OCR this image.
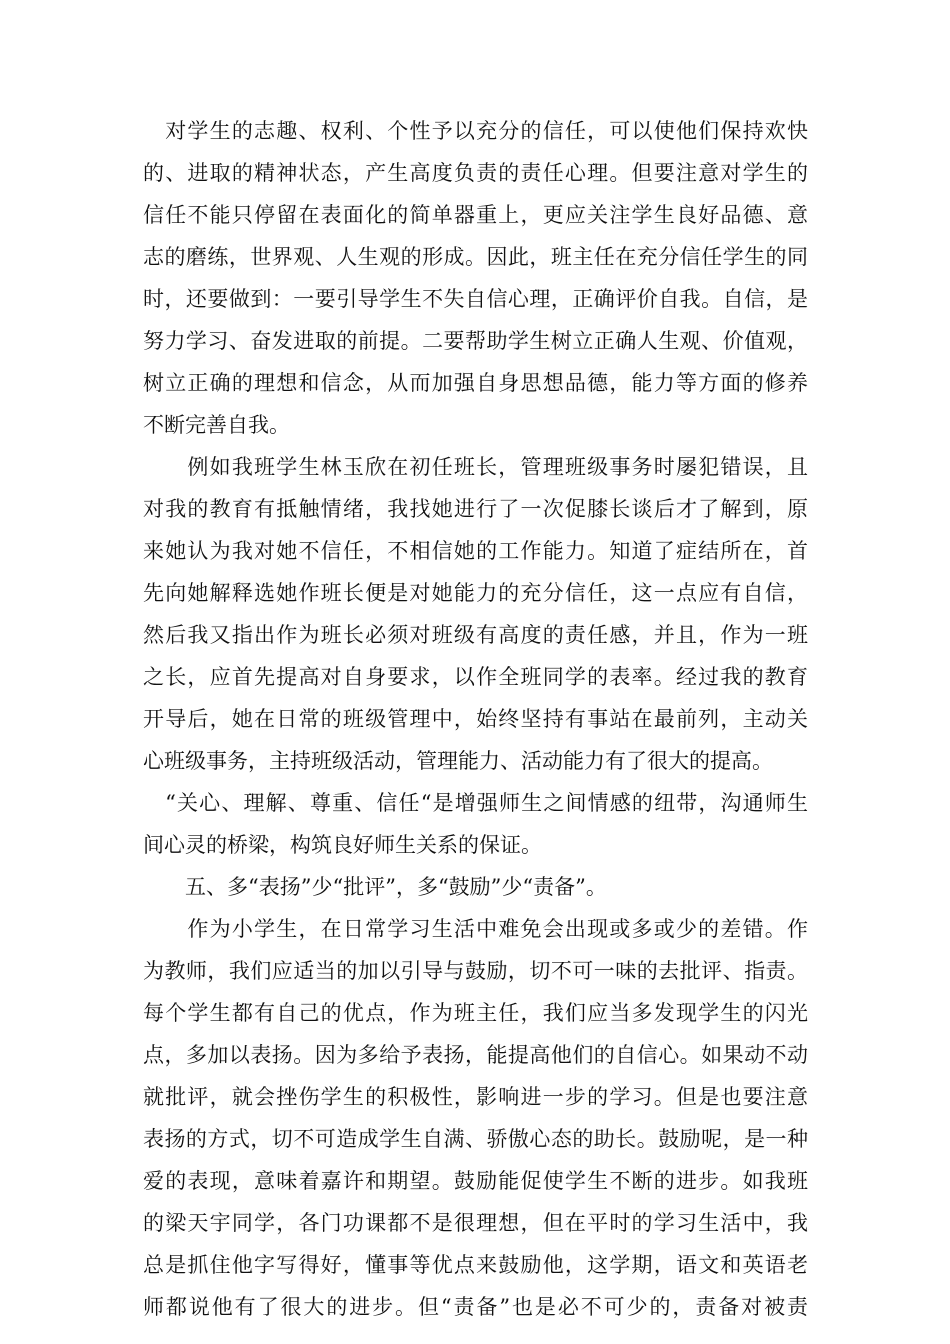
　对学生的志趣、权利、个性予以充分的信任，可以使他们保持欢快
的、进取的精神状态，产生高度负责的责任心理。但要注意对学生的
信任不能只停留在表面化的简单器重上，更应关注学生良好品德、意
志的磨练，世界观、人生观的形成。因此，班主任在充分信任学生的同
时，还要做到：一要引导学生不失自信心理，正确评价自我。自信，是
努力学习、奋发进取的前提。二要帮助学生树立正确人生观、价值观，
树立正确的理想和信念，从而加强自身思想品德，能力等方面的修养
不断完善自我。
　　例如我班学生林玉欣在初任班长，管理班级事务时屡犯错误，且
对我的教育有抵触情绪，我找她进行了一次促膝长谈后才了解到，原
来她认为我对她不信任，不相信她的工作能力。知道了症结所在，首
先向她解释选她作班长便是对她能力的充分信任，这一点应有自信，
然后我又指出作为班长必须对班级有高度的责任感，并且，作为一班
之长，应首先提高对自身要求，以作全班同学的表率。经过我的教育
开导后，她在日常的班级管理中，始终坚持有事站在最前列，主动关
心班级事务，主持班级活动，管理能力、活动能力有了很大的提高。
　“关心、理解、尊重、信任“是增强师生之间情感的纽带，沟通师生
间心灵的桥梁，构筑良好师生关系的保证。
　　五、多“表扬”少“批评”，多“鼓励”少“责备”。
　　作为小学生，在日常学习生活中难免会出现或多或少的差错。作
为教师，我们应适当的加以引导与鼓励，切不可一味的去批评、指责。
每个学生都有自己的优点，作为班主任，我们应当多发现学生的闪光
点，多加以表扬。因为多给予表扬，能提高他们的自信心。如果动不动
就批评，就会挫伤学生的积极性，影响进一步的学习。但是也要注意
表扬的方式，切不可造成学生自满、骄傲心态的助长。鼓励呢，是一种
爱的表现，意味着嘉许和期望。鼓励能促使学生不断的进步。如我班
的梁天宇同学，各门功课都不是很理想，但在平时的学习生活中，我
总是抓住他字写得好，懂事等优点来鼓励他，这学期，语文和英语老
师都说他有了很大的进步。但“责备”也是必不可少的，责备对被责
